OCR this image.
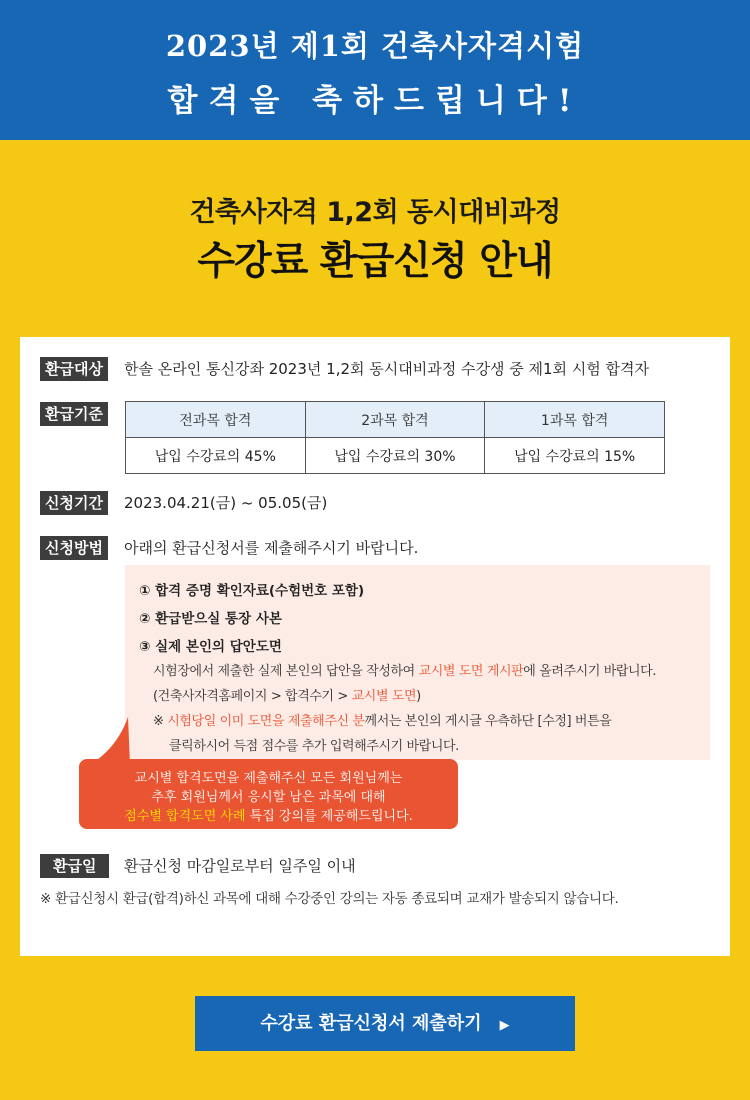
2023년 제1회 건축사자격시험
합격을 축하드립니다!
건축사자격 1,2회 동시대비과정
수강료 환급신청 안내
환급대상	한솔 온라인 통신강좌 2023년 1,2회 동시대비과정 수강생 중 제1회 시험 합격자
환급기준	전과목 합격	2과목 합격	1과목 합격
납입 수강료의 45%	납입 수강료의 30%	납입 수강료의 15%
신청기간	2023.04.21(금) ~ 05.05(금)
신청방법	아래의 환급신청서를 제출해주시기 바랍니다.
① 합격 증명 확인자료(수험번호 포함)
② 환급받으실 통장 사본
③ 실제 본인의 답안도면
시험장에서 제출한 실제 본인의 답안을 작성하여 교시별 도면 게시판에 올려주시기 바랍니다.
(건축사자격홈페이지 > 합격수기 > 교시별 도면)
※ 시험당일 이미 도면을 제출해주신 분께서는 본인의 게시글 우측하단 [수정] 버튼을
클릭하시어 득점 점수를 추가 입력해주시기 바랍니다.
교시별 합격도면을 제출해주신 모든 회원님께는
추후 회원님께서 응시할 남은 과목에 대해
점수별 합격도면 사례 특집 강의를 제공해드립니다.
환급일	환급신청 마감일로부터 일주일 이내
※ 환급신청시 환급(합격)하신 과목에 대해 수강중인 강의는 자동 종료되며 교재가 발송되지 않습니다.
수강료 환급신청서 제출하기 ▶
